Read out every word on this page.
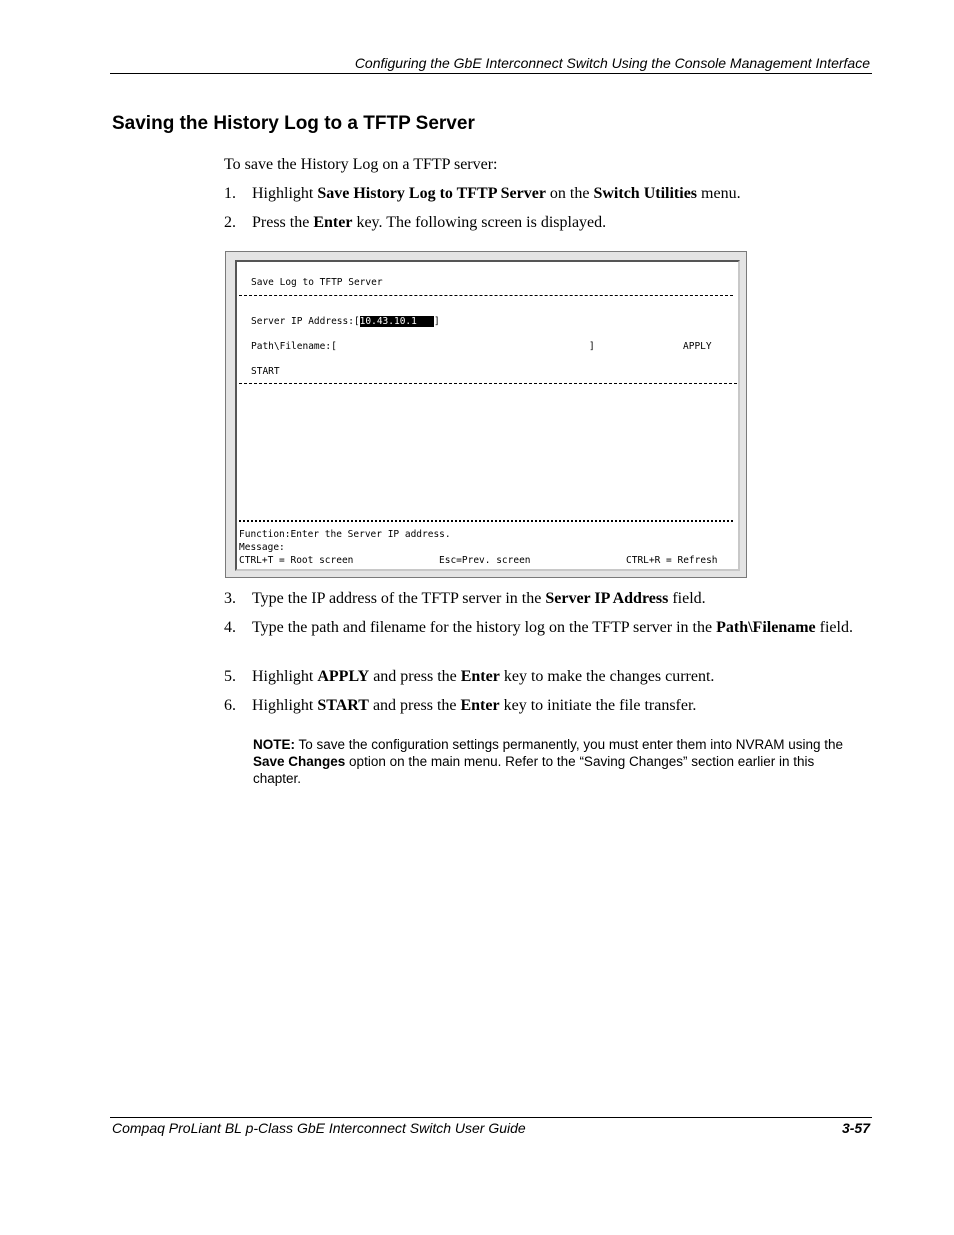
Configuring the GbE Interconnect Switch Using the Console Management Interface
Saving the History Log to a TFTP Server
To save the History Log on a TFTP server:
1. Highlight Save History Log to TFTP Server on the Switch Utilities menu.
2. Press the Enter key. The following screen is displayed.
Save Log to TFTP Server
Server IP Address:[10.43.10.1   ]
Path\Filename:[	]	APPLY
START
Function:Enter the Server IP address.
Message:
CTRL+T = Root screen	Esc=Prev. screen	CTRL+R = Refresh
3. Type the IP address of the TFTP server in the Server IP Address field.
4. Type the path and filename for the history log on the TFTP server in the Path\Filename field.
5. Highlight APPLY and press the Enter key to make the changes current.
6. Highlight START and press the Enter key to initiate the file transfer.
NOTE: To save the configuration settings permanently, you must enter them into NVRAM using the Save Changes option on the main menu. Refer to the “Saving Changes” section earlier in this chapter.
Compaq ProLiant BL p-Class GbE Interconnect Switch User Guide	3-57
